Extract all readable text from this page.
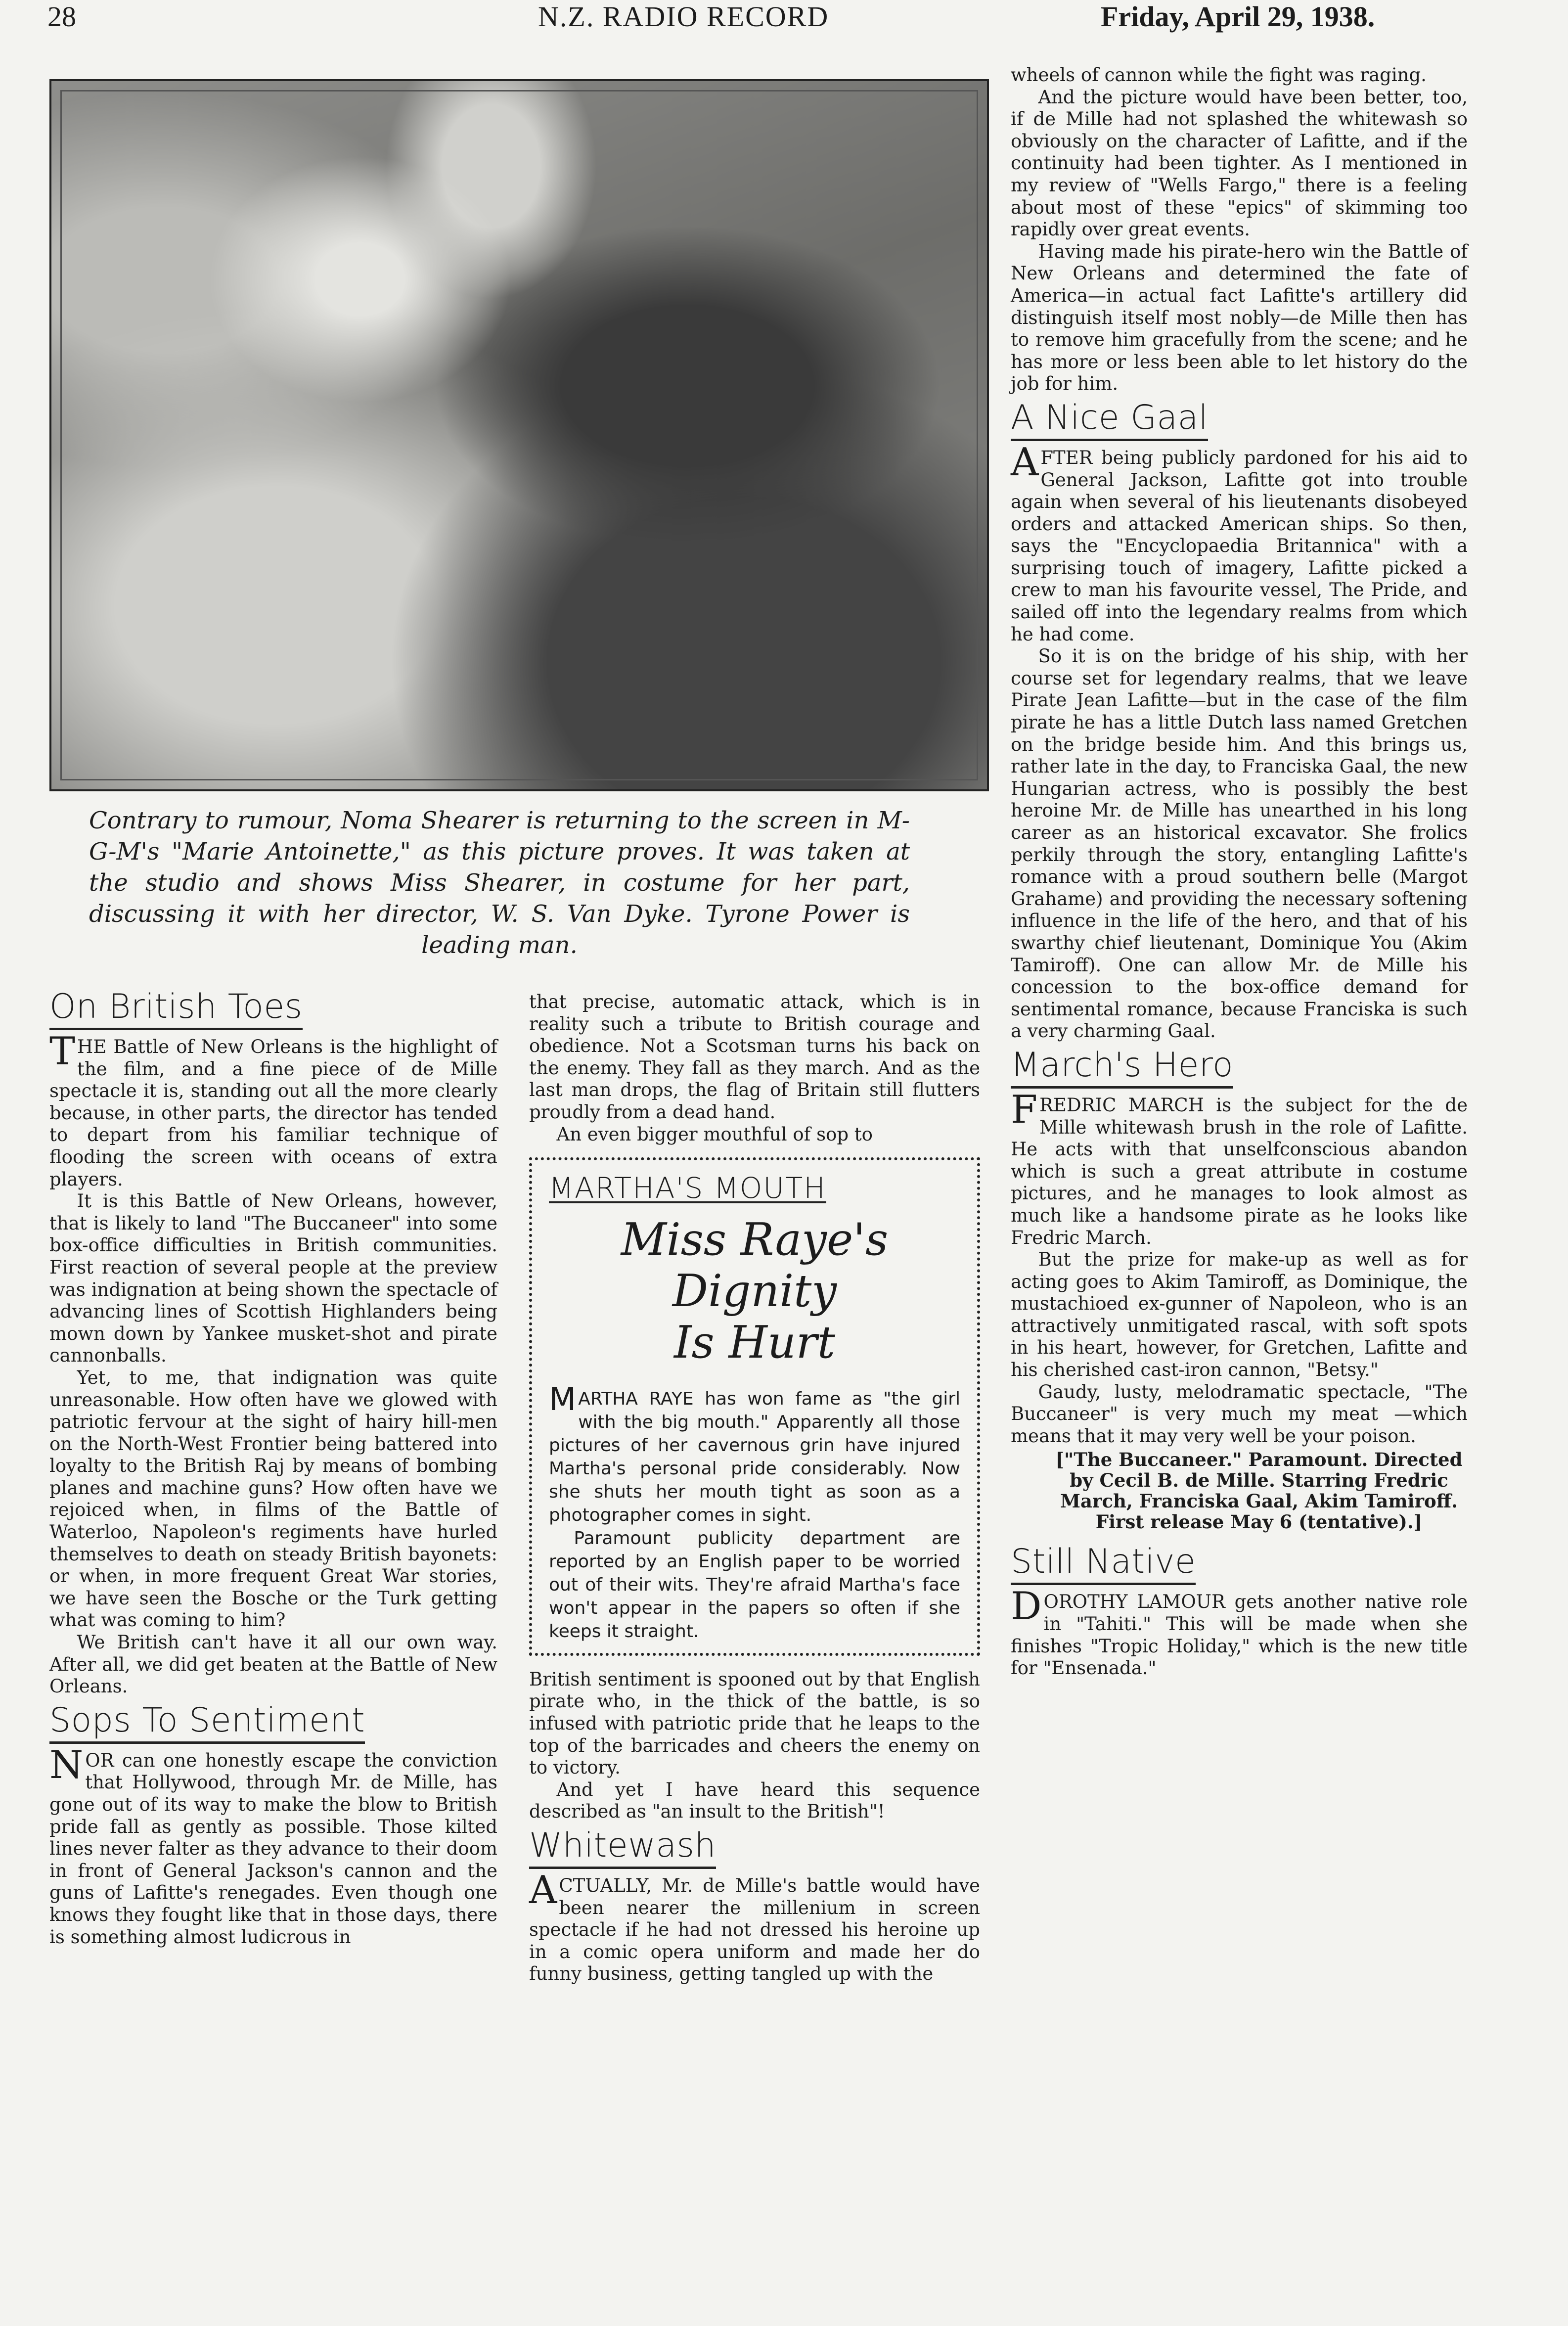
28	N.Z. RADIO RECORD	Friday, April 29, 1938.
Contrary to rumour, Noma Shearer is returning to the screen in M-G-M's "Marie Antoinette," as this picture proves. It was taken at the studio and shows Miss Shearer, in costume for her part, discussing it with her director, W. S. Van Dyke. Tyrone Power is leading man.
On British Toes

THE Battle of New Orleans is the highlight of the film, and a fine piece of de Mille spectacle it is, standing out all the more clearly because, in other parts, the director has tended to depart from his familiar technique of flooding the screen with oceans of extra players.

It is this Battle of New Orleans, however, that is likely to land "The Buccaneer" into some box-office difficulties in British communities. First reaction of several people at the preview was indignation at being shown the spectacle of advancing lines of Scottish Highlanders being mown down by Yankee musket-shot and pirate cannonballs.

Yet, to me, that indignation was quite unreasonable. How often have we glowed with patriotic fervour at the sight of hairy hill-men on the North-West Frontier being battered into loyalty to the British Raj by means of bombing planes and machine guns? How often have we rejoiced when, in films of the Battle of Waterloo, Napoleon's regiments have hurled themselves to death on steady British bayonets: or when, in more frequent Great War stories, we have seen the Bosche or the Turk getting what was coming to him?

We British can't have it all our own way. After all, we did get beaten at the Battle of New Orleans.

Sops To Sentiment

NOR can one honestly escape the conviction that Hollywood, through Mr. de Mille, has gone out of its way to make the blow to British pride fall as gently as possible. Those kilted lines never falter as they advance to their doom in front of General Jackson's cannon and the guns of Lafitte's renegades. Even though one knows they fought like that in those days, there is something almost ludicrous in

that precise, automatic attack, which is in reality such a tribute to British courage and obedience. Not a Scotsman turns his back on the enemy. They fall as they march. And as the last man drops, the flag of Britain still flutters proudly from a dead hand.

An even bigger mouthful of sop to

MARTHA'S MOUTH
Miss Raye's Dignity
Is Hurt

MARTHA RAYE has won fame as "the girl with the big mouth." Apparently all those pictures of her cavernous grin have injured Martha's personal pride considerably. Now she shuts her mouth tight as soon as a photographer comes in sight.

Paramount publicity department are reported by an English paper to be worried out of their wits. They're afraid Martha's face won't appear in the papers so often if she keeps it straight.

British sentiment is spooned out by that English pirate who, in the thick of the battle, is so infused with patriotic pride that he leaps to the top of the barricades and cheers the enemy on to victory.

And yet I have heard this sequence described as "an insult to the British"!

Whitewash

ACTUALLY, Mr. de Mille's battle would have been nearer the millenium in screen spectacle if he had not dressed his heroine up in a comic opera uniform and made her do funny business, getting tangled up with the

wheels of cannon while the fight was raging.

And the picture would have been better, too, if de Mille had not splashed the whitewash so obviously on the character of Lafitte, and if the continuity had been tighter. As I mentioned in my review of "Wells Fargo," there is a feeling about most of these "epics" of skimming too rapidly over great events.

Having made his pirate-hero win the Battle of New Orleans and determined the fate of America—in actual fact Lafitte's artillery did distinguish itself most nobly—de Mille then has to remove him gracefully from the scene; and he has more or less been able to let history do the job for him.

A Nice Gaal

AFTER being publicly pardoned for his aid to General Jackson, Lafitte got into trouble again when several of his lieutenants disobeyed orders and attacked American ships. So then, says the "Encyclopaedia Britannica" with a surprising touch of imagery, Lafitte picked a crew to man his favourite vessel, The Pride, and sailed off into the legendary realms from which he had come.

So it is on the bridge of his ship, with her course set for legendary realms, that we leave Pirate Jean Lafitte—but in the case of the film pirate he has a little Dutch lass named Gretchen on the bridge beside him. And this brings us, rather late in the day, to Franciska Gaal, the new Hungarian actress, who is possibly the best heroine Mr. de Mille has unearthed in his long career as an historical excavator. She frolics perkily through the story, entangling Lafitte's romance with a proud southern belle (Margot Grahame) and providing the necessary softening influence in the life of the hero, and that of his swarthy chief lieutenant, Dominique You (Akim Tamiroff). One can allow Mr. de Mille his concession to the box-office demand for sentimental romance, because Franciska is such a very charming Gaal.

March's Hero

FREDRIC MARCH is the subject for the de Mille whitewash brush in the role of Lafitte. He acts with that unselfconscious abandon which is such a great attribute in costume pictures, and he manages to look almost as much like a handsome pirate as he looks like Fredric March.

But the prize for make-up as well as for acting goes to Akim Tamiroff, as Dominique, the mustachioed ex-gunner of Napoleon, who is an attractively unmitigated rascal, with soft spots in his heart, however, for Gretchen, Lafitte and his cherished cast-iron cannon, "Betsy."

Gaudy, lusty, melodramatic spectacle, "The Buccaneer" is very much my meat —which means that it may very well be your poison.

["The Buccaneer." Paramount. Directed by Cecil B. de Mille. Starring Fredric March, Franciska Gaal, Akim Tamiroff. First release May 6 (tentative).]
Still Native

DOROTHY LAMOUR gets another native role in "Tahiti." This will be made when she finishes "Tropic Holiday," which is the new title for "Ensenada."
